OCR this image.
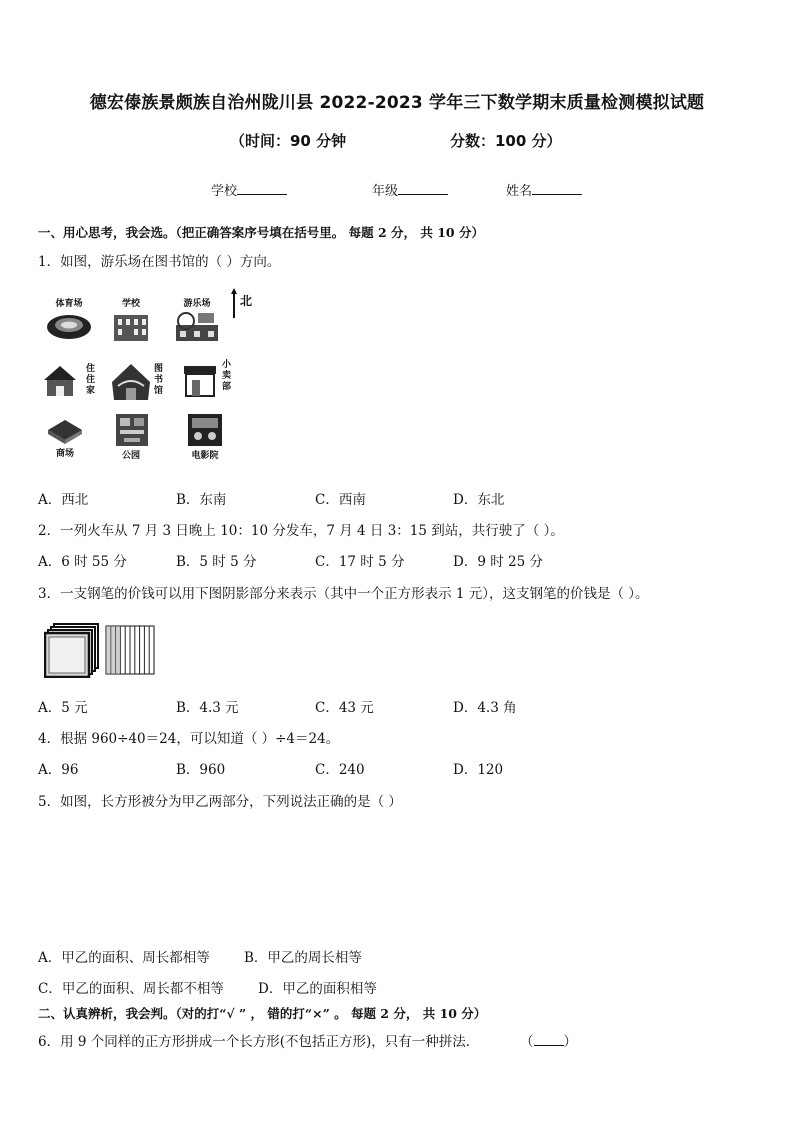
德宏傣族景颇族自治州陇川县 2022-2023 学年三下数学期末质量检测模拟试题
（时间：90 分钟	分数：100 分）
学校	年级	姓名
一、用心思考，我会选。（把正确答案序号填在括号里。 每题 2 分， 共 10 分）
1．如图，游乐场在图书馆的（ ）方向。
体育场	学校	游乐场	北
住
住
家
图
书
馆
小
卖
部
商场	公园	电影院
A．西北	B．东南	C．西南	D．东北
2．一列火车从 7 月 3 日晚上 10：10 分发车，7 月 4 日 3：15 到站，共行驶了（ ）。
A．6 时 55 分	B．5 时 5 分	C．17 时 5 分	D．9 时 25 分
3．一支钢笔的价钱可以用下图阴影部分来表示（其中一个正方形表示 1 元），这支钢笔的价钱是（ ）。
A．5 元	B．4.3 元	C．43 元	D．4.3 角
4．根据 960÷40＝24，可以知道（ ）÷4＝24。
A．96	B．960	C．240	D．120
5．如图，长方形被分为甲乙两部分，下列说法正确的是（ ）
A．甲乙的面积、周长都相等	B．甲乙的周长相等
C．甲乙的面积、周长都不相等	D．甲乙的面积相等
二、认真辨析，我会判。（对的打“√ ” ， 错的打“×” 。 每题 2 分， 共 10 分）
6．用 9 个同样的正方形拼成一个长方形(不包括正方形)，只有一种拼法．	（ ）
